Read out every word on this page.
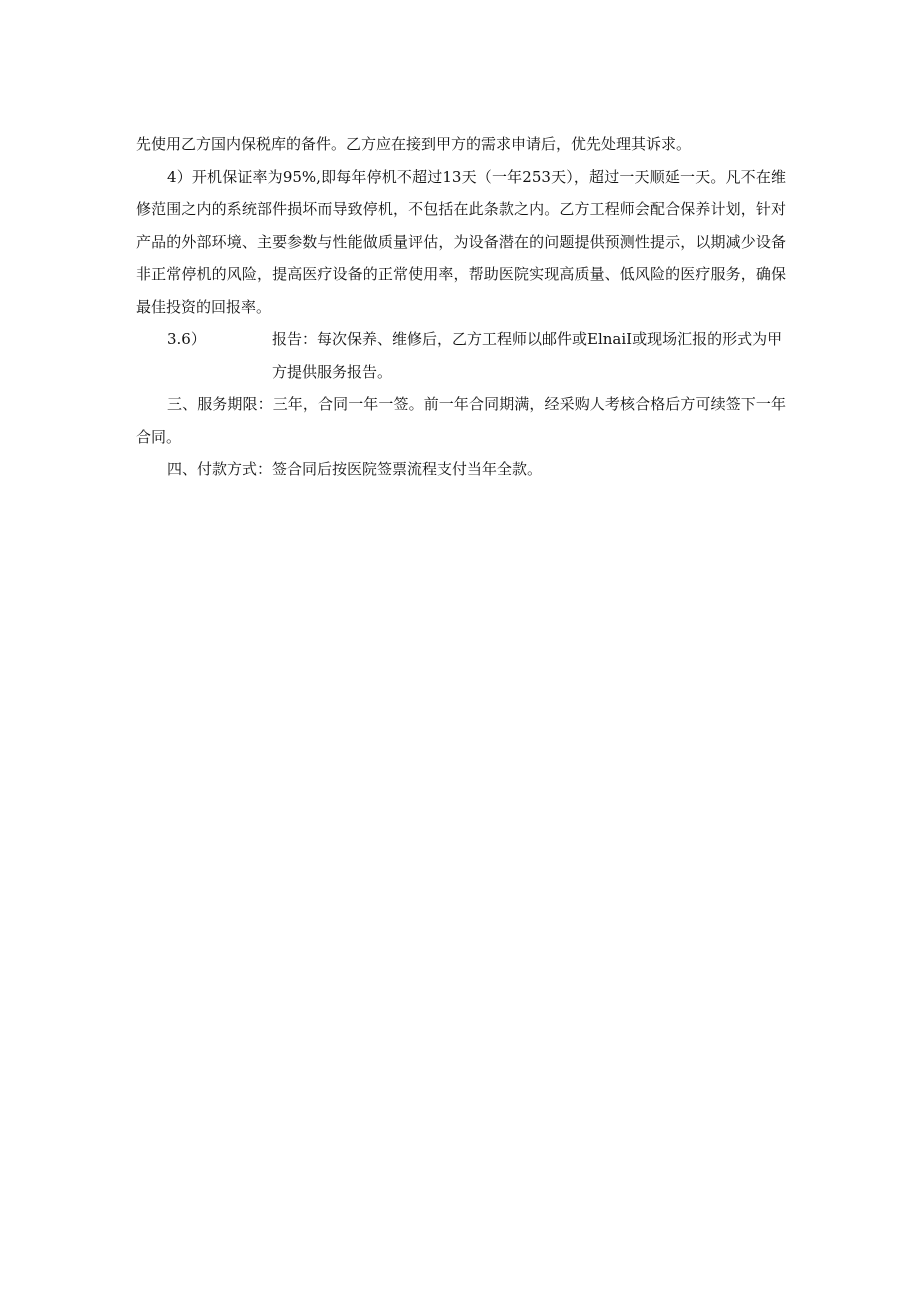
先使用乙方国内保税库的备件。乙方应在接到甲方的需求申请后，优先处理其诉求。

4）开机保证率为95%,即每年停机不超过13天（一年253天），超过一天顺延一天。凡不在维修范围之内的系统部件损坏而导致停机，不包括在此条款之内。乙方工程师会配合保养计划，针对产品的外部环境、主要参数与性能做质量评估，为设备潜在的问题提供预测性提示，以期减少设备非正常停机的风险，提高医疗设备的正常使用率，帮助医院实现高质量、低风险的医疗服务，确保最佳投资的回报率。

3.6）	报告：每次保养、维修后，乙方工程师以邮件或ElnaiI或现场汇报的形式为甲方提供服务报告。

三、服务期限：三年，合同一年一签。前一年合同期满，经采购人考核合格后方可续签下一年合同。

四、付款方式：签合同后按医院签票流程支付当年全款。
